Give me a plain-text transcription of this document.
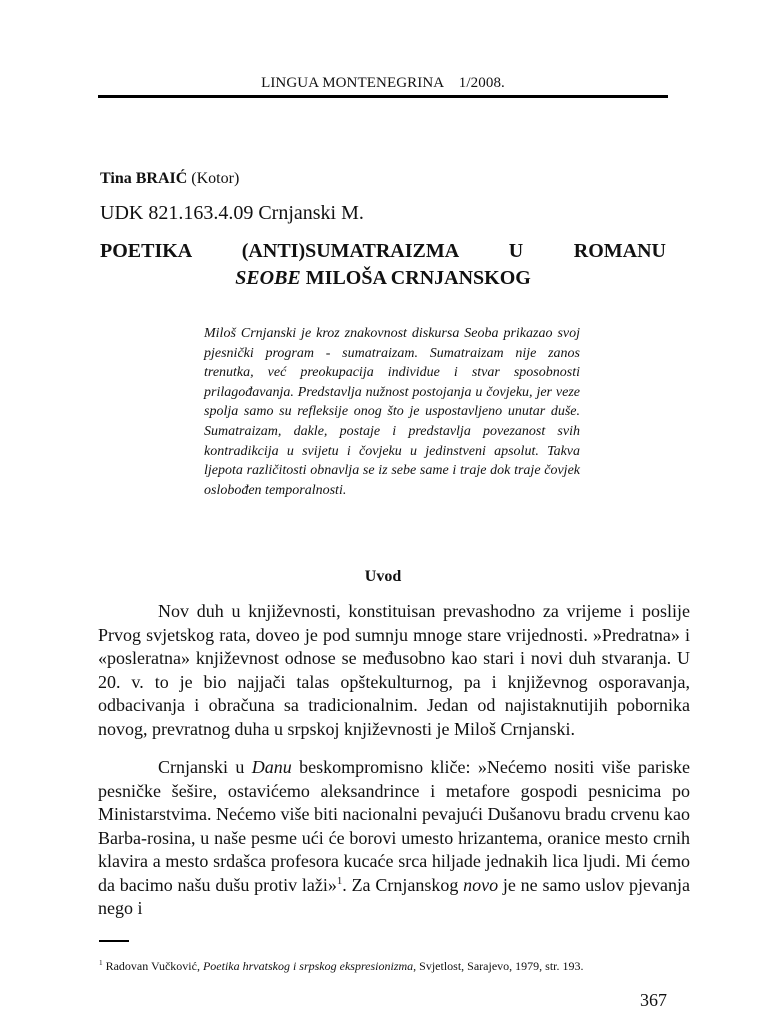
LINGUA MONTENEGRINA    1/2008.
Tina BRAIĆ (Kotor)
UDK 821.163.4.09 Crnjanski M.
POETIKA (ANTI)SUMATRAIZMA U ROMANU
SEOBE MILOŠA CRNJANSKOG
Miloš Crnjanski je kroz znakovnost diskursa Seoba prikazao svoj pjesnički program - sumatraizam. Sumatraizam nije zanos trenutka, već preokupacija individue i stvar sposobnosti prilagođavanja. Predstavlja nužnost postojanja u čovjeku, jer veze spolja samo su refleksije onog što je uspostavljeno unutar duše. Sumatraizam, dakle, postaje i predstavlja povezanost svih kontradikcija u svijetu i čovjeku u jedinstveni apsolut. Takva ljepota različitosti obnavlja se iz sebe same i traje dok traje čovjek oslobođen temporalnosti.
Uvod

Nov duh u književnosti, konstituisan prevashodno za vrijeme i poslije Prvog svjetskog rata, doveo je pod sumnju mnoge stare vrijednosti. »Predratna» i «posleratna» književnost odnose se međusobno kao stari i novi duh stvaranja. U 20. v. to je bio najjači talas opštekulturnog, pa i književnog osporavanja, odbacivanja i obračuna sa tradicionalnim. Jedan od najistaknutijih pobornika novog, prevratnog duha u srpskoj književnosti je Miloš Crnjanski.

Crnjanski u Danu beskompromisno kliče: »Nećemo nositi više pariske pesničke šešire, ostavićemo aleksandrince i metafore gospodi pesnicima po Ministarstvima. Nećemo više biti nacionalni pevajući Dušanovu bradu crvenu kao Barba-rosina, u naše pesme ući će borovi umesto hrizantema, oranice mesto crnih klavira a mesto srdašca profesora kucaće srca hiljade jednakih lica ljudi. Mi ćemo da bacimo našu dušu protiv laži»$^1$. Za Crnjanskog novo je ne samo uslov pjevanja nego i

$^1$ Radovan Vučković, Poetika hrvatskog i srpskog ekspresionizma, Svjetlost, Sarajevo, 1979, str. 193.
367
